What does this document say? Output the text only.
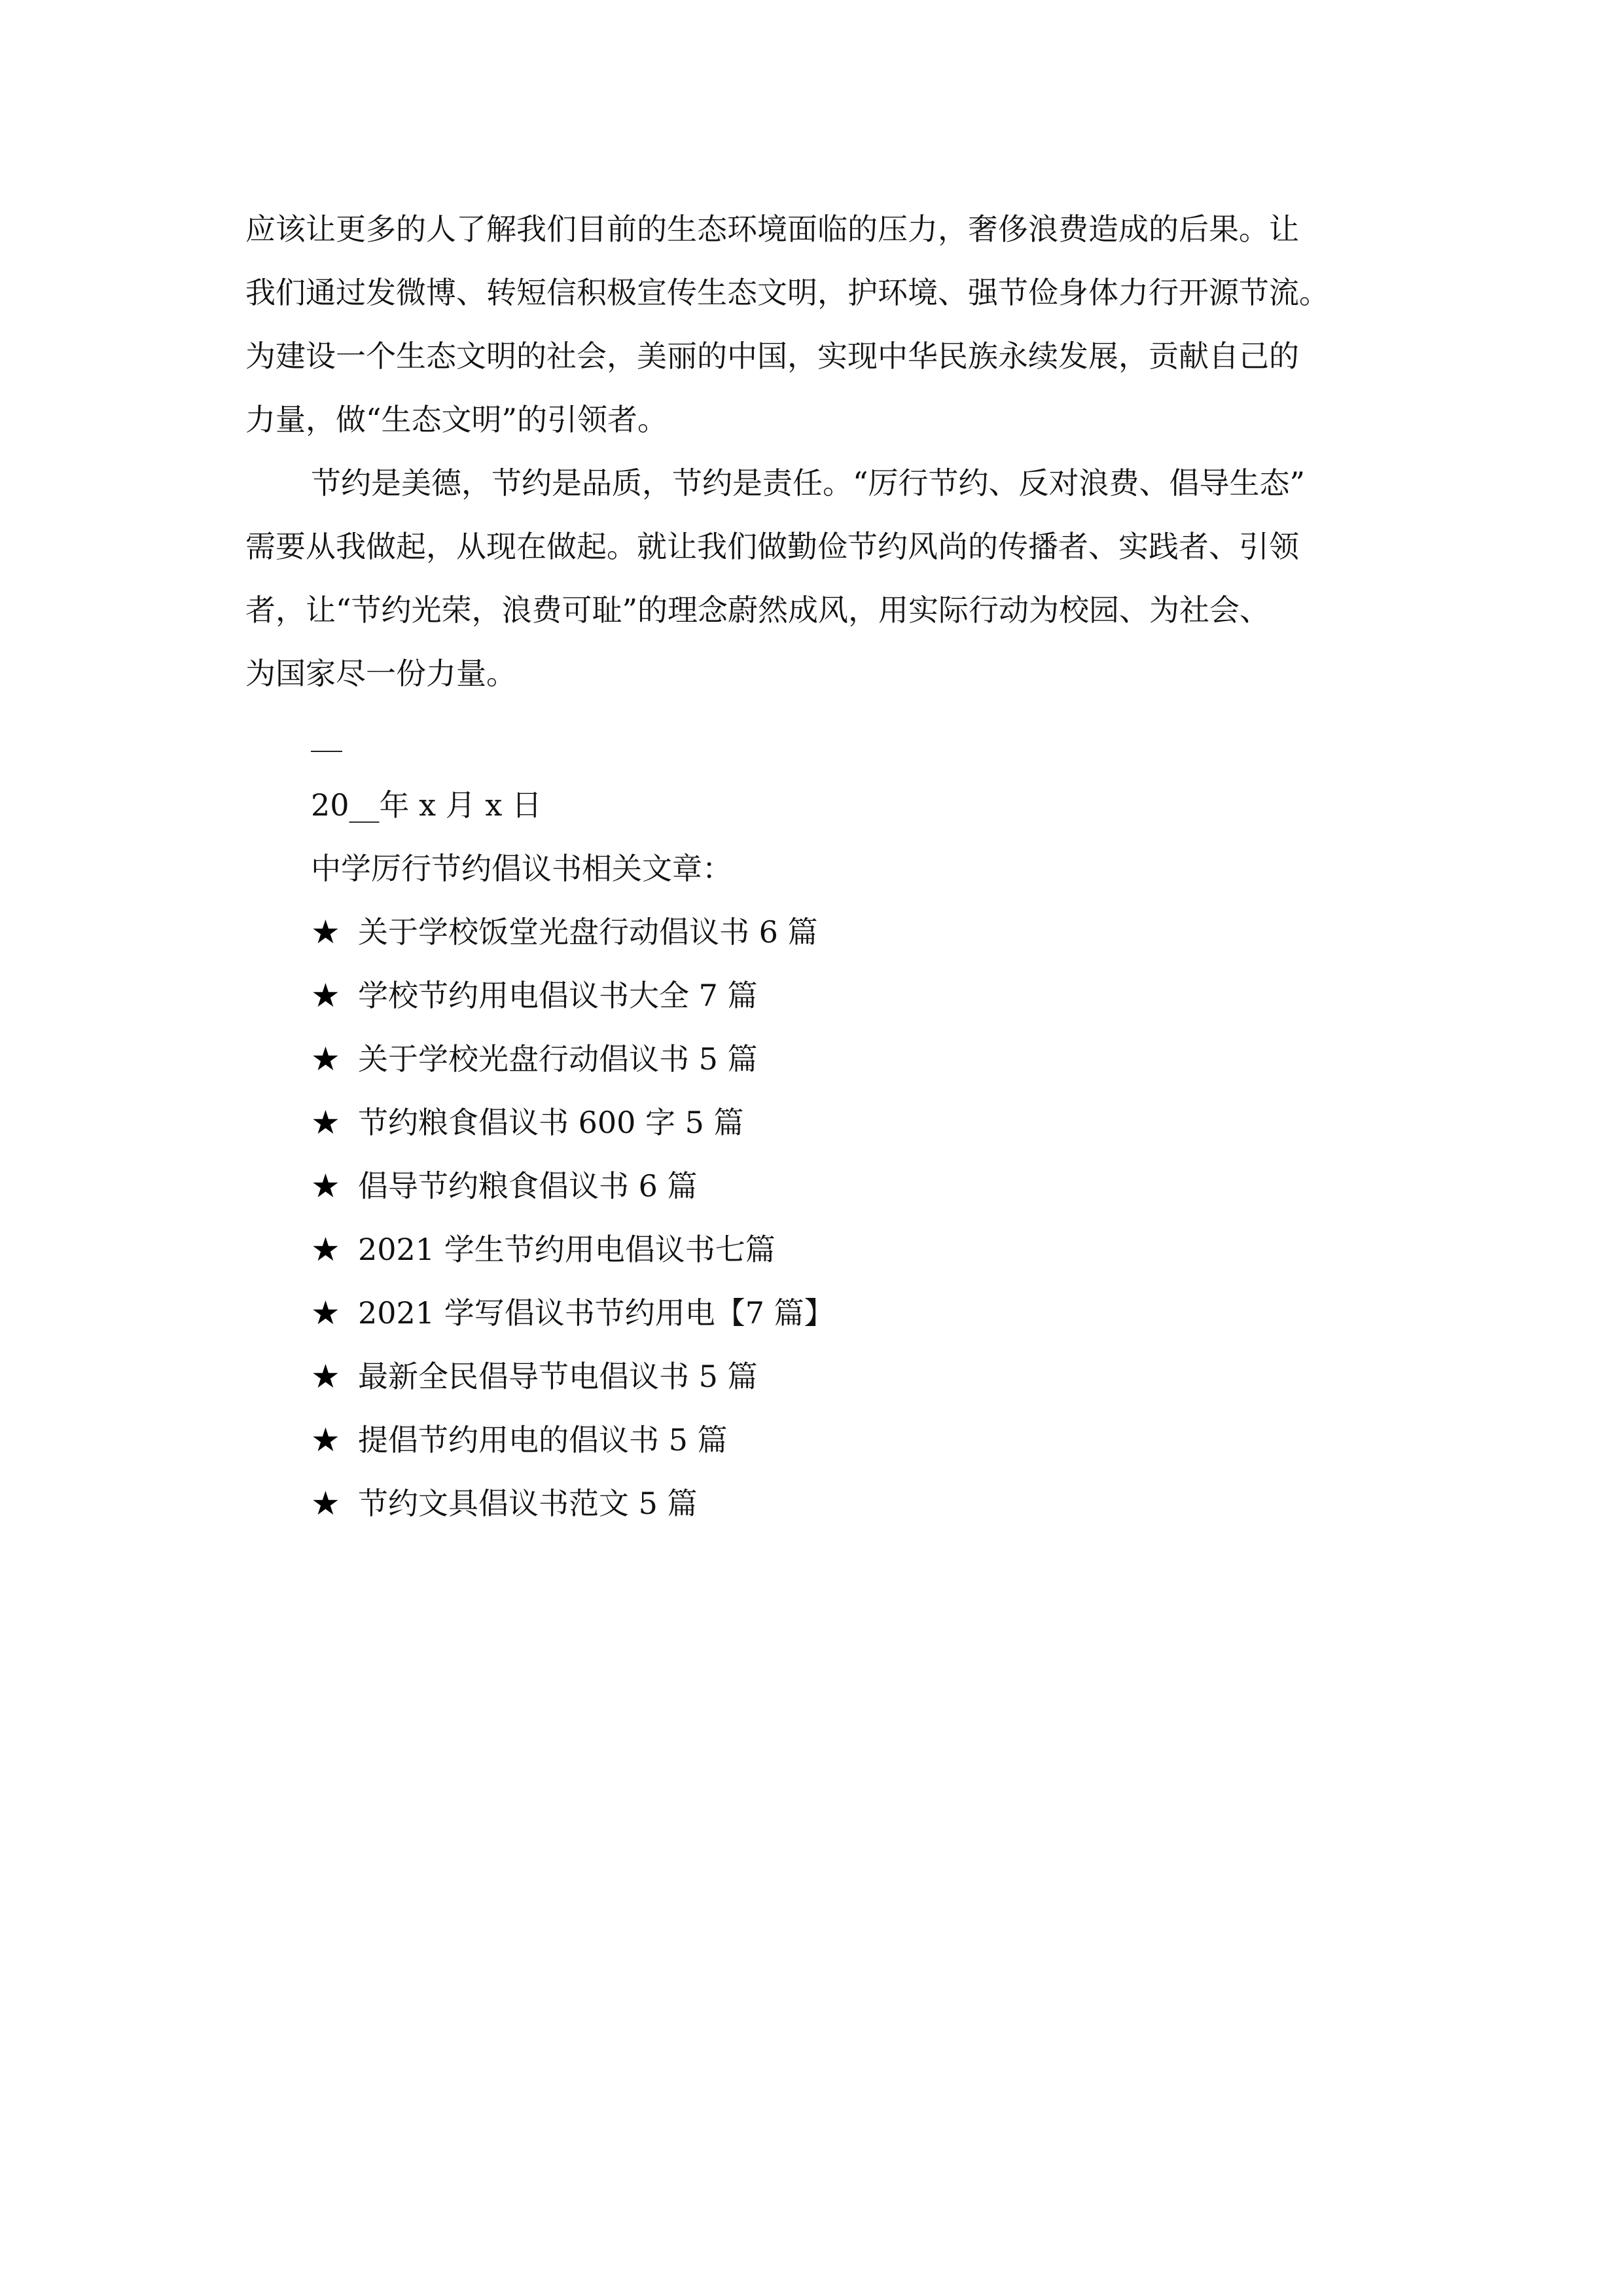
应该让更多的人了解我们目前的生态环境面临的压力，奢侈浪费造成的后果。让
我们通过发微博、转短信积极宣传生态文明，护环境、强节俭身体力行开源节流。
为建设一个生态文明的社会，美丽的中国，实现中华民族永续发展，贡献自己的
力量，做“生态文明”的引领者。
节约是美德，节约是品质，节约是责任。“厉行节约、反对浪费、倡导生态”
需要从我做起，从现在做起。就让我们做勤俭节约风尚的传播者、实践者、引领
者，让“节约光荣，浪费可耻”的理念蔚然成风，用实际行动为校园、为社会、
为国家尽一份力量。
20__年 x 月 x 日
中学厉行节约倡议书相关文章：
★ 关于学校饭堂光盘行动倡议书 6 篇
★ 学校节约用电倡议书大全 7 篇
★ 关于学校光盘行动倡议书 5 篇
★ 节约粮食倡议书 600 字 5 篇
★ 倡导节约粮食倡议书 6 篇
★ 2021 学生节约用电倡议书七篇
★ 2021 学写倡议书节约用电【7 篇】
★ 最新全民倡导节电倡议书 5 篇
★ 提倡节约用电的倡议书 5 篇
★ 节约文具倡议书范文 5 篇
